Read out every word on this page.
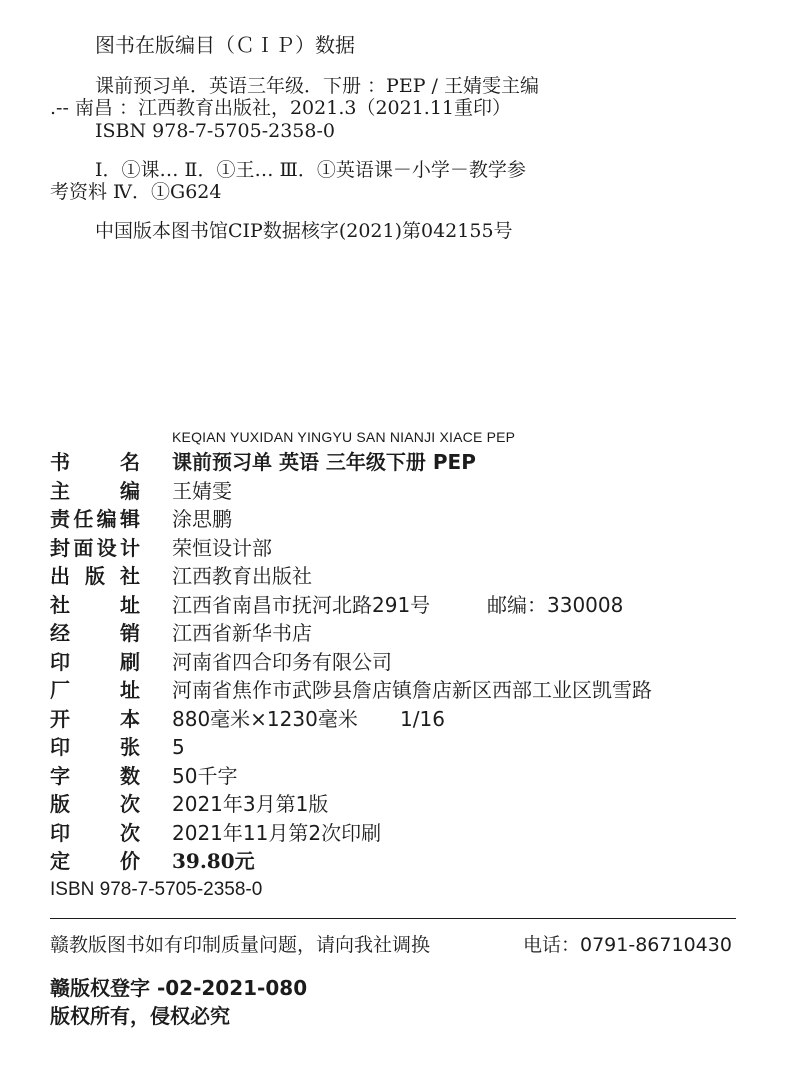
图书在版编目（ＣＩＰ）数据
课前预习单．英语三年级．下册 ：PEP / 王婧雯主编
.-- 南昌 ：江西教育出版社，2021.3（2021.11重印）
ISBN 978-7-5705-2358-0
Ⅰ．①课… Ⅱ．①王… Ⅲ．①英语课－小学－教学参
考资料 Ⅳ．①G624
中国版本图书馆CIP数据核字(2021)第042155号
KEQIAN YUXIDAN YINGYU SAN NIANJI XIACE PEP
书 名 课前预习单 英语 三年级下册 PEP
主 编 王婧雯
责任编辑 涂思鹏
封面设计 荣恒设计部
出 版 社 江西教育出版社
社 址 江西省南昌市抚河北路291号	邮编：330008
经 销 江西省新华书店
印 刷 河南省四合印务有限公司
厂 址 河南省焦作市武陟县詹店镇詹店新区西部工业区凯雪路
开 本 880毫米×1230毫米 1/16
印 张 5
字 数 50千字
版 次 2021年3月第1版
印 次 2021年11月第2次印刷
定 价 39.80元
ISBN 978-7-5705-2358-0
赣教版图书如有印制质量问题，请向我社调换	电话：0791-86710430
赣版权登字 -02-2021-080
版权所有，侵权必究
